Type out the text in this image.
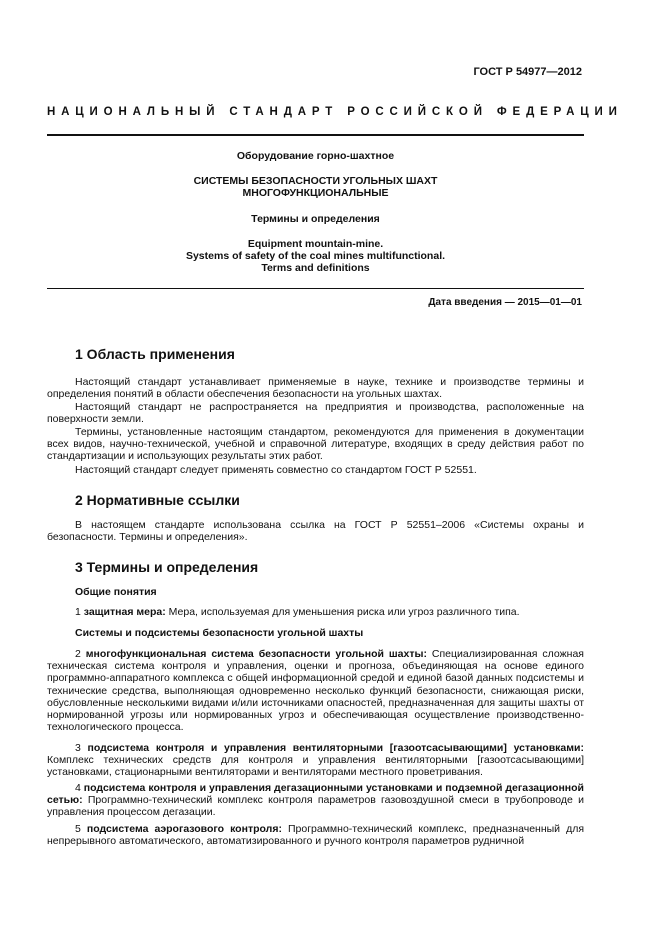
ГОСТ Р 54977—2012
НАЦИОНАЛЬНЫЙ СТАНДАРТ РОССИЙСКОЙ ФЕДЕРАЦИИ
Оборудование горно-шахтное
СИСТЕМЫ БЕЗОПАСНОСТИ УГОЛЬНЫХ ШАХТ
МНОГОФУНКЦИОНАЛЬНЫЕ
Термины и определения
Equipment mountain-mine.
Systems of safety of the coal mines multifunctional.
Terms and definitions
Дата введения — 2015—01—01
1 Область применения
Настоящий стандарт устанавливает применяемые в науке, технике и производстве термины и определения понятий в области обеспечения безопасности на угольных шахтах.
Настоящий стандарт не распространяется на предприятия и производства, расположенные на поверхности земли.
Термины, установленные настоящим стандартом, рекомендуются для применения в документации всех видов, научно-технической, учебной и справочной литературе, входящих в среду действия работ по стандартизации и использующих результаты этих работ.
Настоящий стандарт следует применять совместно со стандартом ГОСТ Р 52551.
2 Нормативные ссылки
В настоящем стандарте использована ссылка на ГОСТ Р 52551–2006 «Системы охраны и безопасности. Термины и определения».
3 Термины и определения
Общие понятия
1 защитная мера: Мера, используемая для уменьшения риска или угроз различного типа.
Системы и подсистемы безопасности угольной шахты
2 многофункциональная система безопасности угольной шахты: Специализированная сложная техническая система контроля и управления, оценки и прогноза, объединяющая на основе единого программно-аппаратного комплекса с общей информационной средой и единой базой данных подсистемы и технические средства, выполняющая одновременно несколько функций безопасности, снижающая риски, обусловленные несколькими видами и/или источниками опасностей, предназначенная для защиты шахты от нормированной угрозы или нормированных угроз и обеспечивающая осуществление производственно-технологического процесса.
3 подсистема контроля и управления вентиляторными [газоотсасывающими] установками: Комплекс технических средств для контроля и управления вентиляторными [газоотсасывающими] установками, стационарными вентиляторами и вентиляторами местного проветривания.
4 подсистема контроля и управления дегазационными установками и подземной дегазационной сетью: Программно-технический комплекс контроля параметров газовоздушной смеси в трубопроводе и управления процессом дегазации.
5 подсистема аэрогазового контроля: Программно-технический комплекс, предназначенный для непрерывного автоматического, автоматизированного и ручного контроля параметров рудничной
